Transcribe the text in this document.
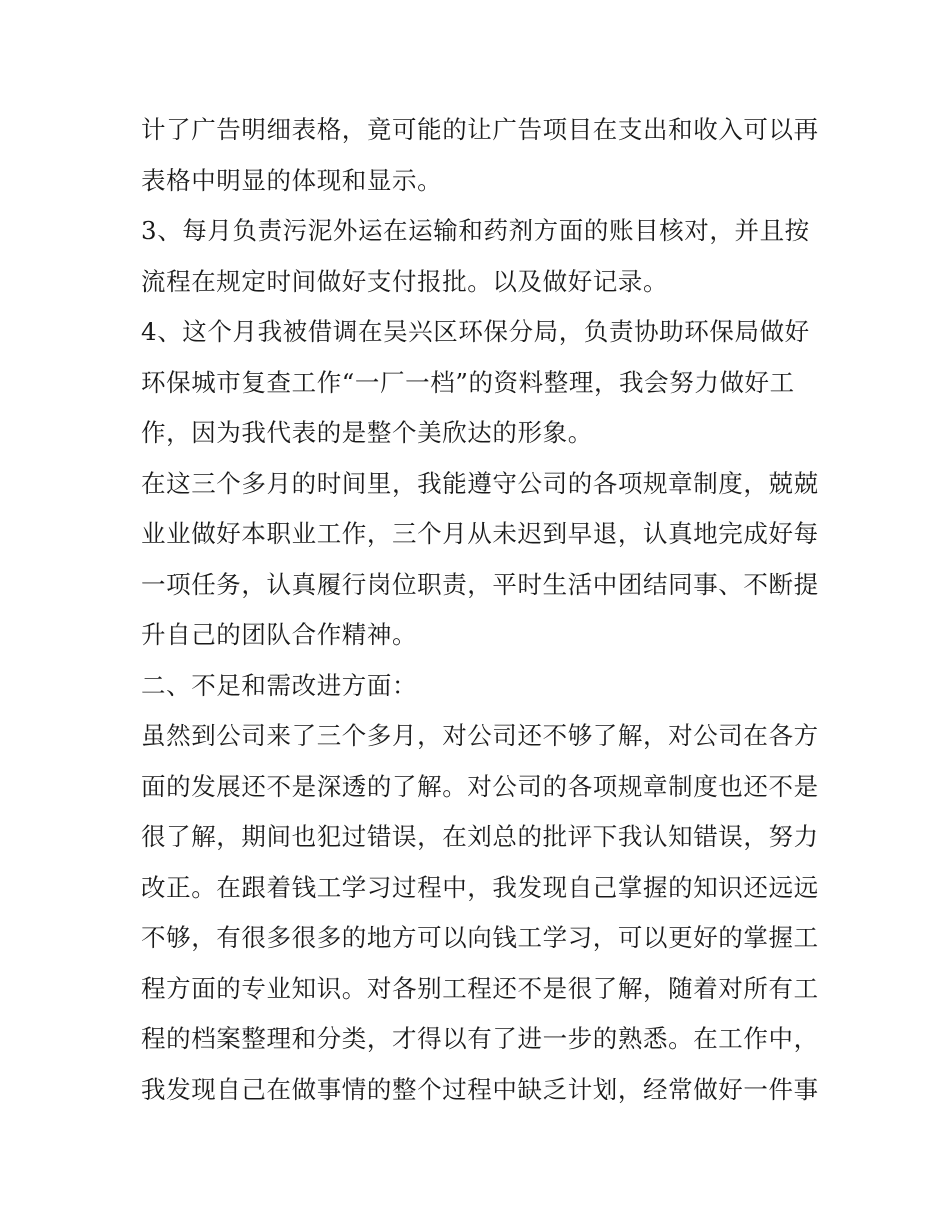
计了广告明细表格，竟可能的让广告项目在支出和收入可以再
表格中明显的体现和显示。
3、每月负责污泥外运在运输和药剂方面的账目核对，并且按
流程在规定时间做好支付报批。以及做好记录。
4、这个月我被借调在吴兴区环保分局，负责协助环保局做好
环保城市复查工作“一厂一档”的资料整理，我会努力做好工
作，因为我代表的是整个美欣达的形象。
在这三个多月的时间里，我能遵守公司的各项规章制度，兢兢
业业做好本职业工作，三个月从未迟到早退，认真地完成好每
一项任务，认真履行岗位职责，平时生活中团结同事、不断提
升自己的团队合作精神。
二、不足和需改进方面：
虽然到公司来了三个多月，对公司还不够了解，对公司在各方
面的发展还不是深透的了解。对公司的各项规章制度也还不是
很了解，期间也犯过错误，在刘总的批评下我认知错误，努力
改正。在跟着钱工学习过程中，我发现自己掌握的知识还远远
不够，有很多很多的地方可以向钱工学习，可以更好的掌握工
程方面的专业知识。对各别工程还不是很了解，随着对所有工
程的档案整理和分类，才得以有了进一步的熟悉。在工作中，
我发现自己在做事情的整个过程中缺乏计划，经常做好一件事
